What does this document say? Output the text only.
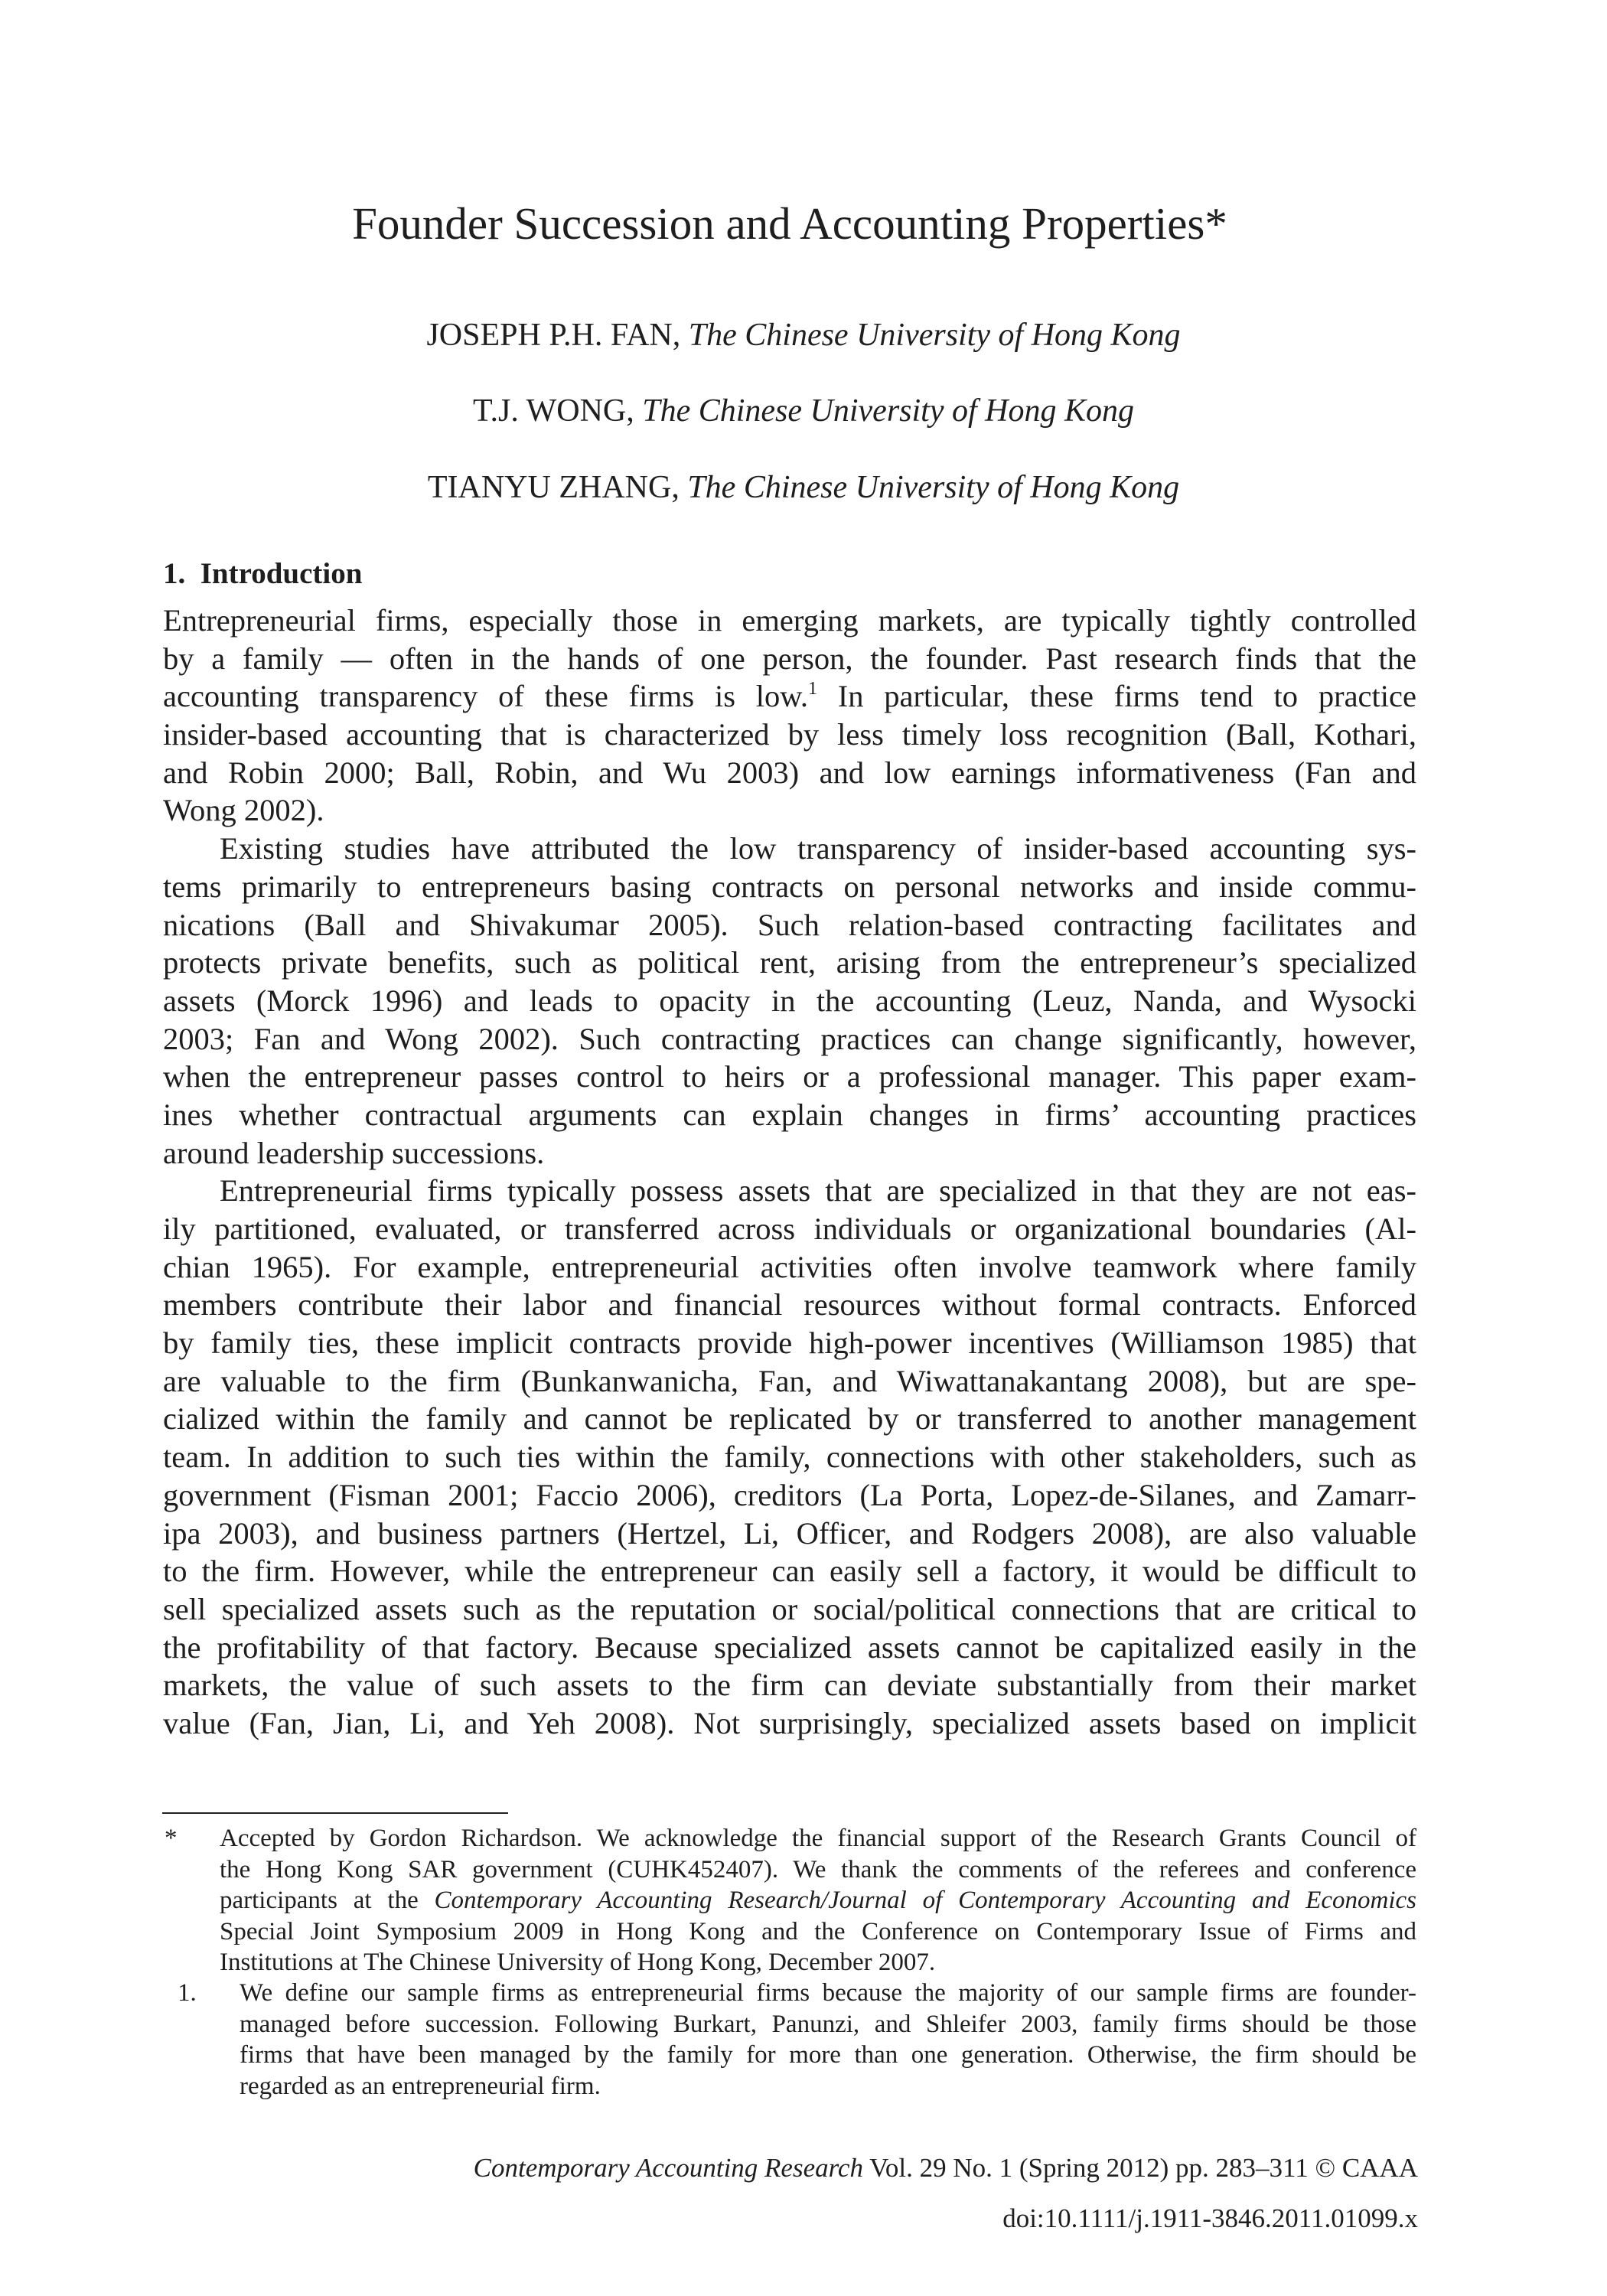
Founder Succession and Accounting Properties*
JOSEPH P.H. FAN, The Chinese University of Hong Kong
T.J. WONG, The Chinese University of Hong Kong
TIANYU ZHANG, The Chinese University of Hong Kong
1. Introduction
Entrepreneurial firms, especially those in emerging markets, are typically tightly controlled
by a family — often in the hands of one person, the founder. Past research finds that the
accounting transparency of these firms is low.$^1$ In particular, these firms tend to practice
insider-based accounting that is characterized by less timely loss recognition (Ball, Kothari,
and Robin 2000; Ball, Robin, and Wu 2003) and low earnings informativeness (Fan and
Wong 2002).
Existing studies have attributed the low transparency of insider-based accounting sys-
tems primarily to entrepreneurs basing contracts on personal networks and inside commu-
nications (Ball and Shivakumar 2005). Such relation-based contracting facilitates and
protects private benefits, such as political rent, arising from the entrepreneur’s specialized
assets (Morck 1996) and leads to opacity in the accounting (Leuz, Nanda, and Wysocki
2003; Fan and Wong 2002). Such contracting practices can change significantly, however,
when the entrepreneur passes control to heirs or a professional manager. This paper exam-
ines whether contractual arguments can explain changes in firms’ accounting practices
around leadership successions.
Entrepreneurial firms typically possess assets that are specialized in that they are not eas-
ily partitioned, evaluated, or transferred across individuals or organizational boundaries (Al-
chian 1965). For example, entrepreneurial activities often involve teamwork where family
members contribute their labor and financial resources without formal contracts. Enforced
by family ties, these implicit contracts provide high-power incentives (Williamson 1985) that
are valuable to the firm (Bunkanwanicha, Fan, and Wiwattanakantang 2008), but are spe-
cialized within the family and cannot be replicated by or transferred to another management
team. In addition to such ties within the family, connections with other stakeholders, such as
government (Fisman 2001; Faccio 2006), creditors (La Porta, Lopez-de-Silanes, and Zamarr-
ipa 2003), and business partners (Hertzel, Li, Officer, and Rodgers 2008), are also valuable
to the firm. However, while the entrepreneur can easily sell a factory, it would be difficult to
sell specialized assets such as the reputation or social/political connections that are critical to
the profitability of that factory. Because specialized assets cannot be capitalized easily in the
markets, the value of such assets to the firm can deviate substantially from their market
value (Fan, Jian, Li, and Yeh 2008). Not surprisingly, specialized assets based on implicit
* Accepted by Gordon Richardson. We acknowledge the financial support of the Research Grants Council of
the Hong Kong SAR government (CUHK452407). We thank the comments of the referees and conference
participants at the Contemporary Accounting Research/Journal of Contemporary Accounting and Economics
Special Joint Symposium 2009 in Hong Kong and the Conference on Contemporary Issue of Firms and
Institutions at The Chinese University of Hong Kong, December 2007.
1. We define our sample firms as entrepreneurial firms because the majority of our sample firms are founder-
managed before succession. Following Burkart, Panunzi, and Shleifer 2003, family firms should be those
firms that have been managed by the family for more than one generation. Otherwise, the firm should be
regarded as an entrepreneurial firm.
Contemporary Accounting Research Vol. 29 No. 1 (Spring 2012) pp. 283–311 © CAAA
doi:10.1111/j.1911-3846.2011.01099.x
